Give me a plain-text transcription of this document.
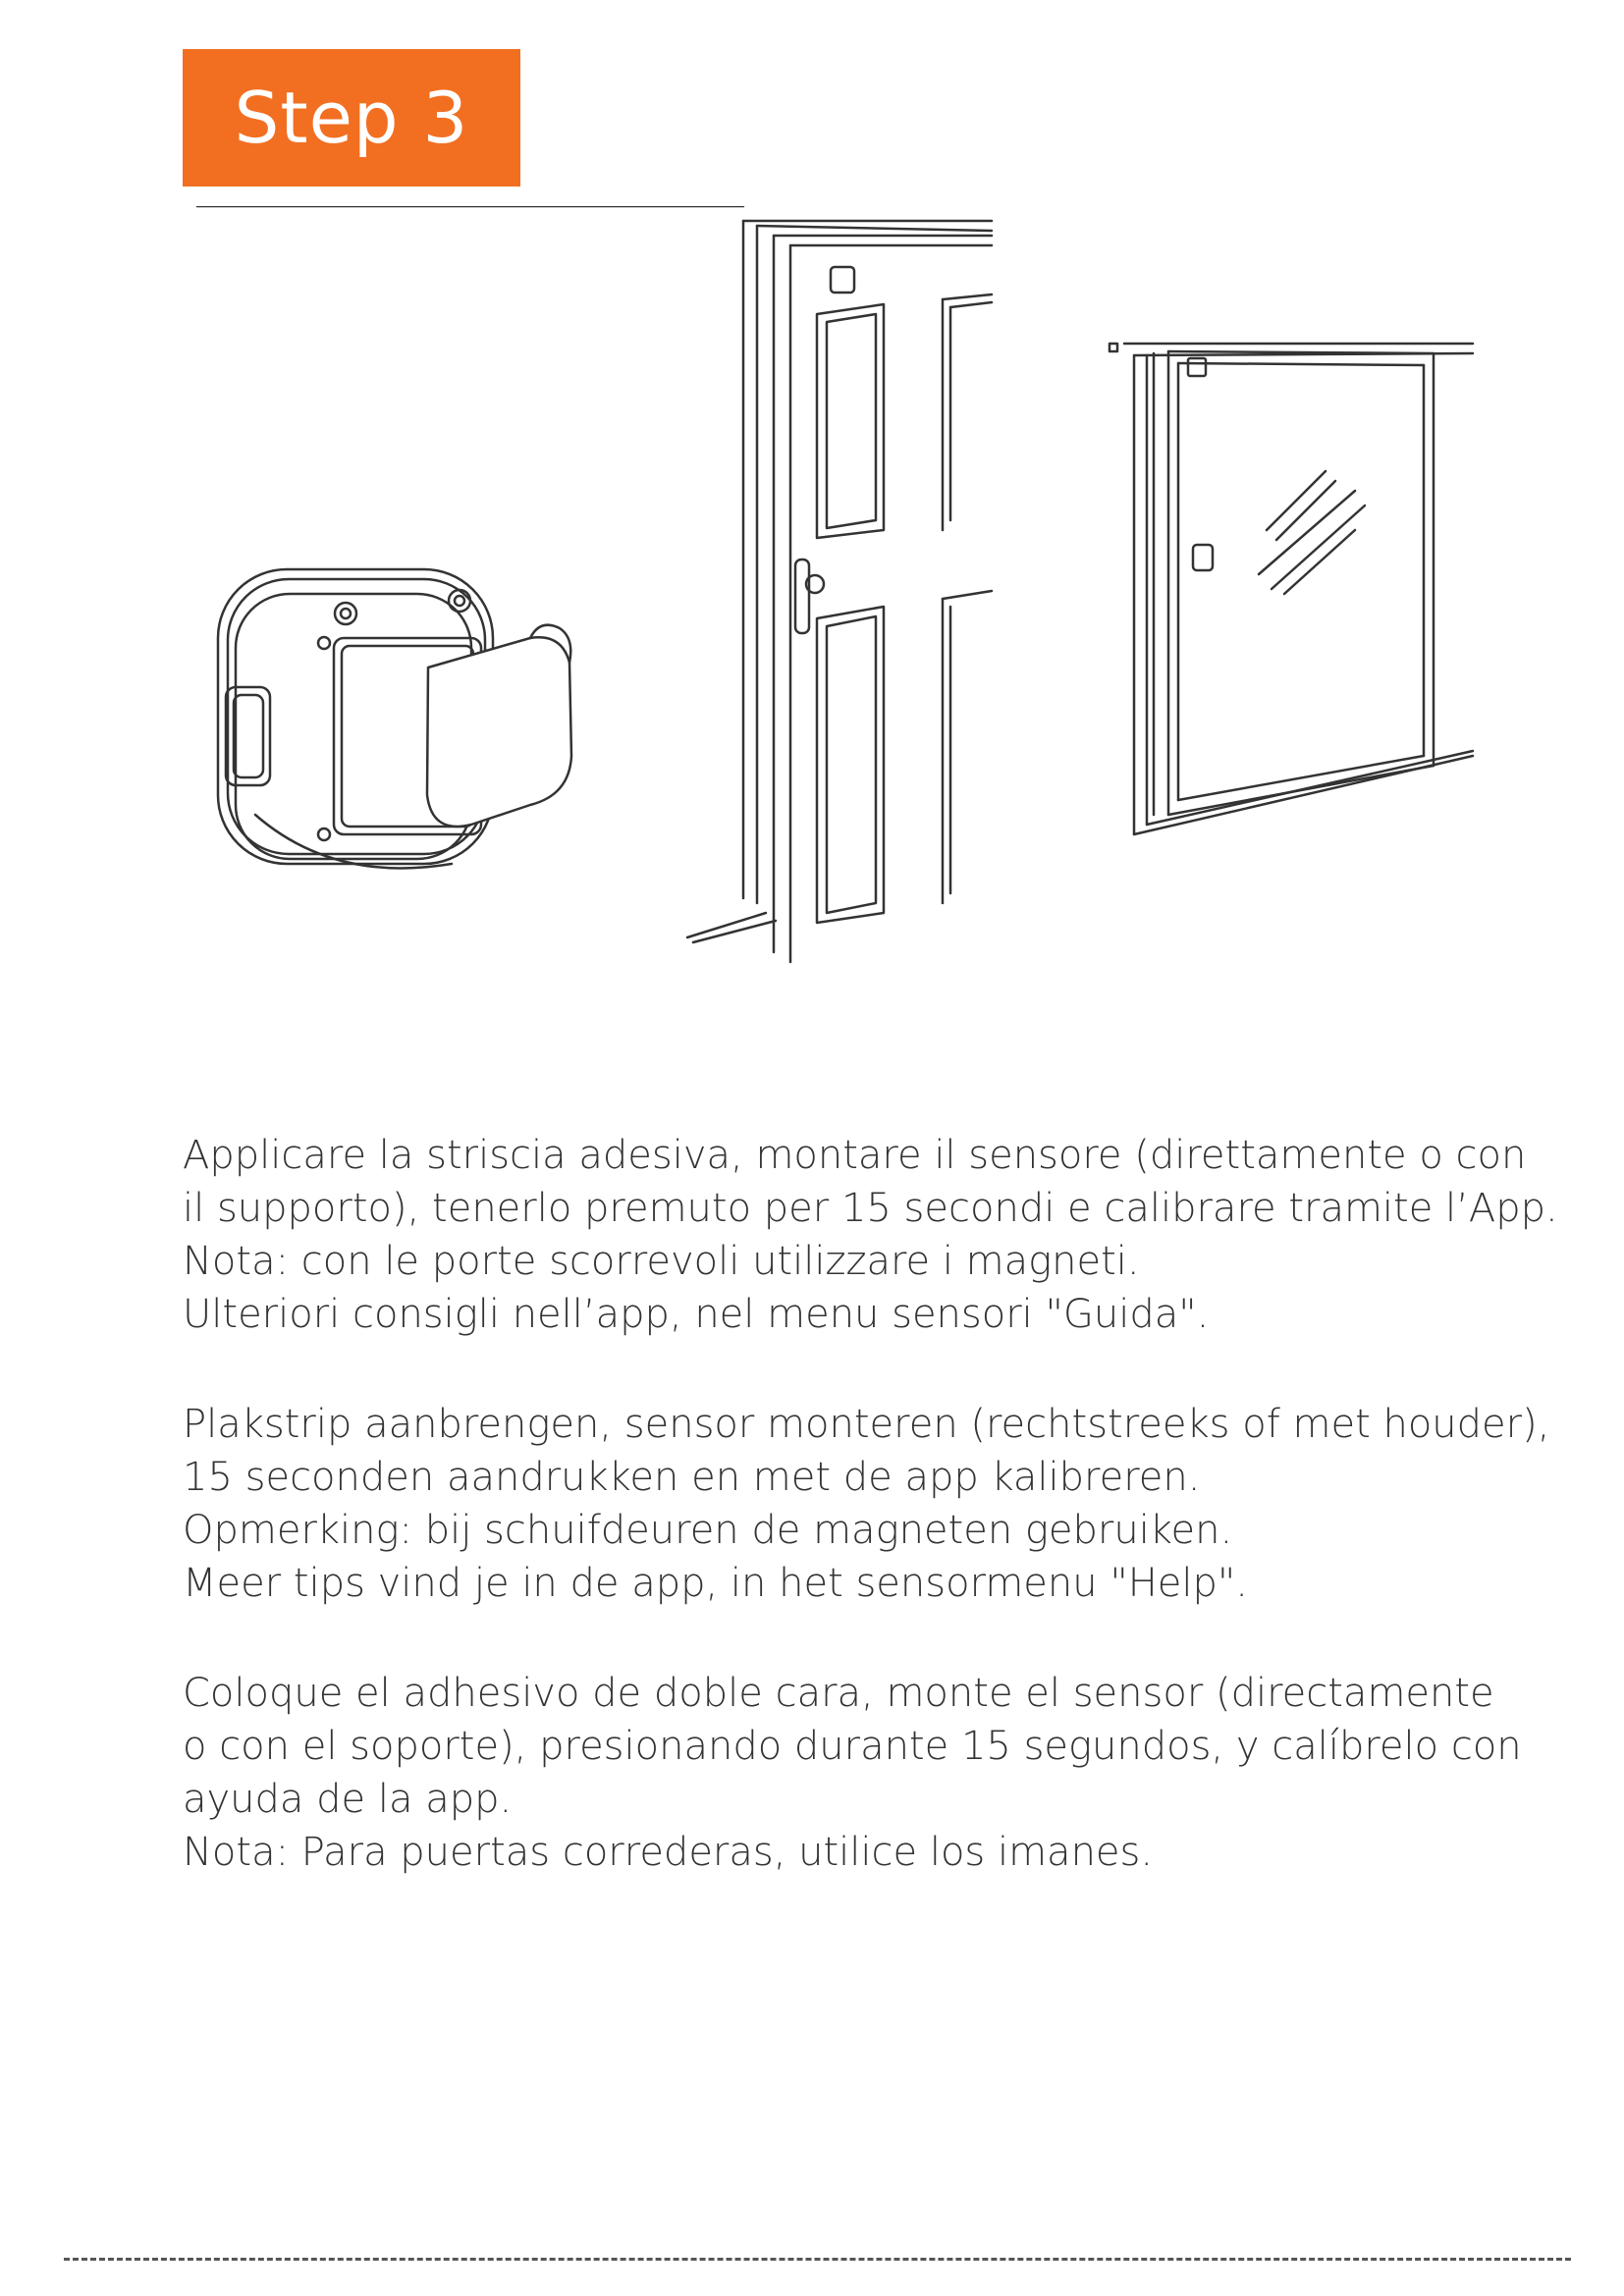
Step 3

Applicare la striscia adesiva, montare il sensore (direttamente o con

il supporto), tenerlo premuto per 15 secondi e calibrare tramite l’App.

Nota: con le porte scorrevoli utilizzare i magneti.

Ulteriori consigli nell’app, nel menu sensori "Guida".

Plakstrip aanbrengen, sensor monteren (rechtstreeks of met houder),

15 seconden aandrukken en met de app kalibreren.

Opmerking: bij schuifdeuren de magneten gebruiken.

Meer tips vind je in de app, in het sensormenu "Help".

Coloque el adhesivo de doble cara, monte el sensor (directamente

o con el soporte), presionando durante 15 segundos, y calíbrelo con

ayuda de la app.

Nota: Para puertas correderas, utilice los imanes.
